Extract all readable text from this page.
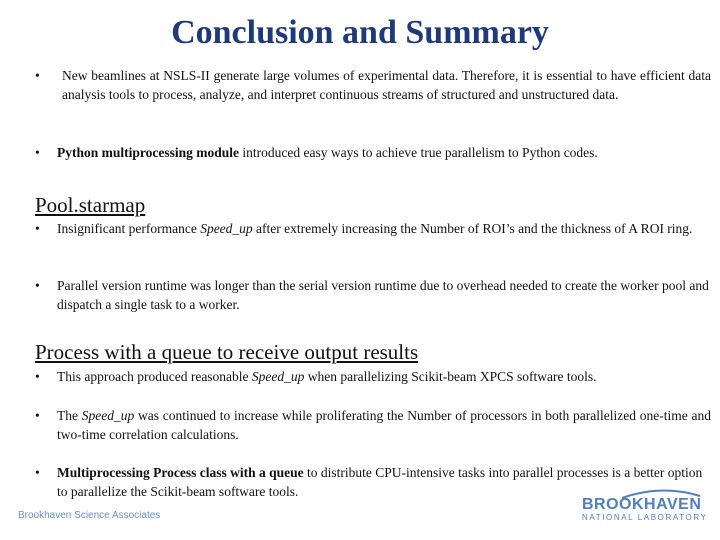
Conclusion and Summary
•	New beamlines at NSLS-II generate large volumes of experimental data. Therefore, it is essential to have efficient data analysis tools to process, analyze, and interpret continuous streams of structured and unstructured data.
•	Python multiprocessing module introduced easy ways to achieve true parallelism to Python codes.
Pool.starmap
•	Insignificant performance Speed_up after extremely increasing the Number of ROI’s and the thickness of A ROI ring.
•	Parallel version runtime was longer than the serial version runtime due to overhead needed to create the worker pool and dispatch a single task to a worker.
Process with a queue to receive output results
•	This approach produced reasonable Speed_up when parallelizing Scikit-beam XPCS software tools.
•	The Speed_up was continued to increase while proliferating the Number of processors in both parallelized one-time and two-time correlation calculations.
•	Multiprocessing Process class with a queue to distribute CPU-intensive tasks into parallel processes is a better option to parallelize the Scikit-beam software tools.
Brookhaven Science Associates
BROOKHAVEN
NATIONAL LABORATORY
